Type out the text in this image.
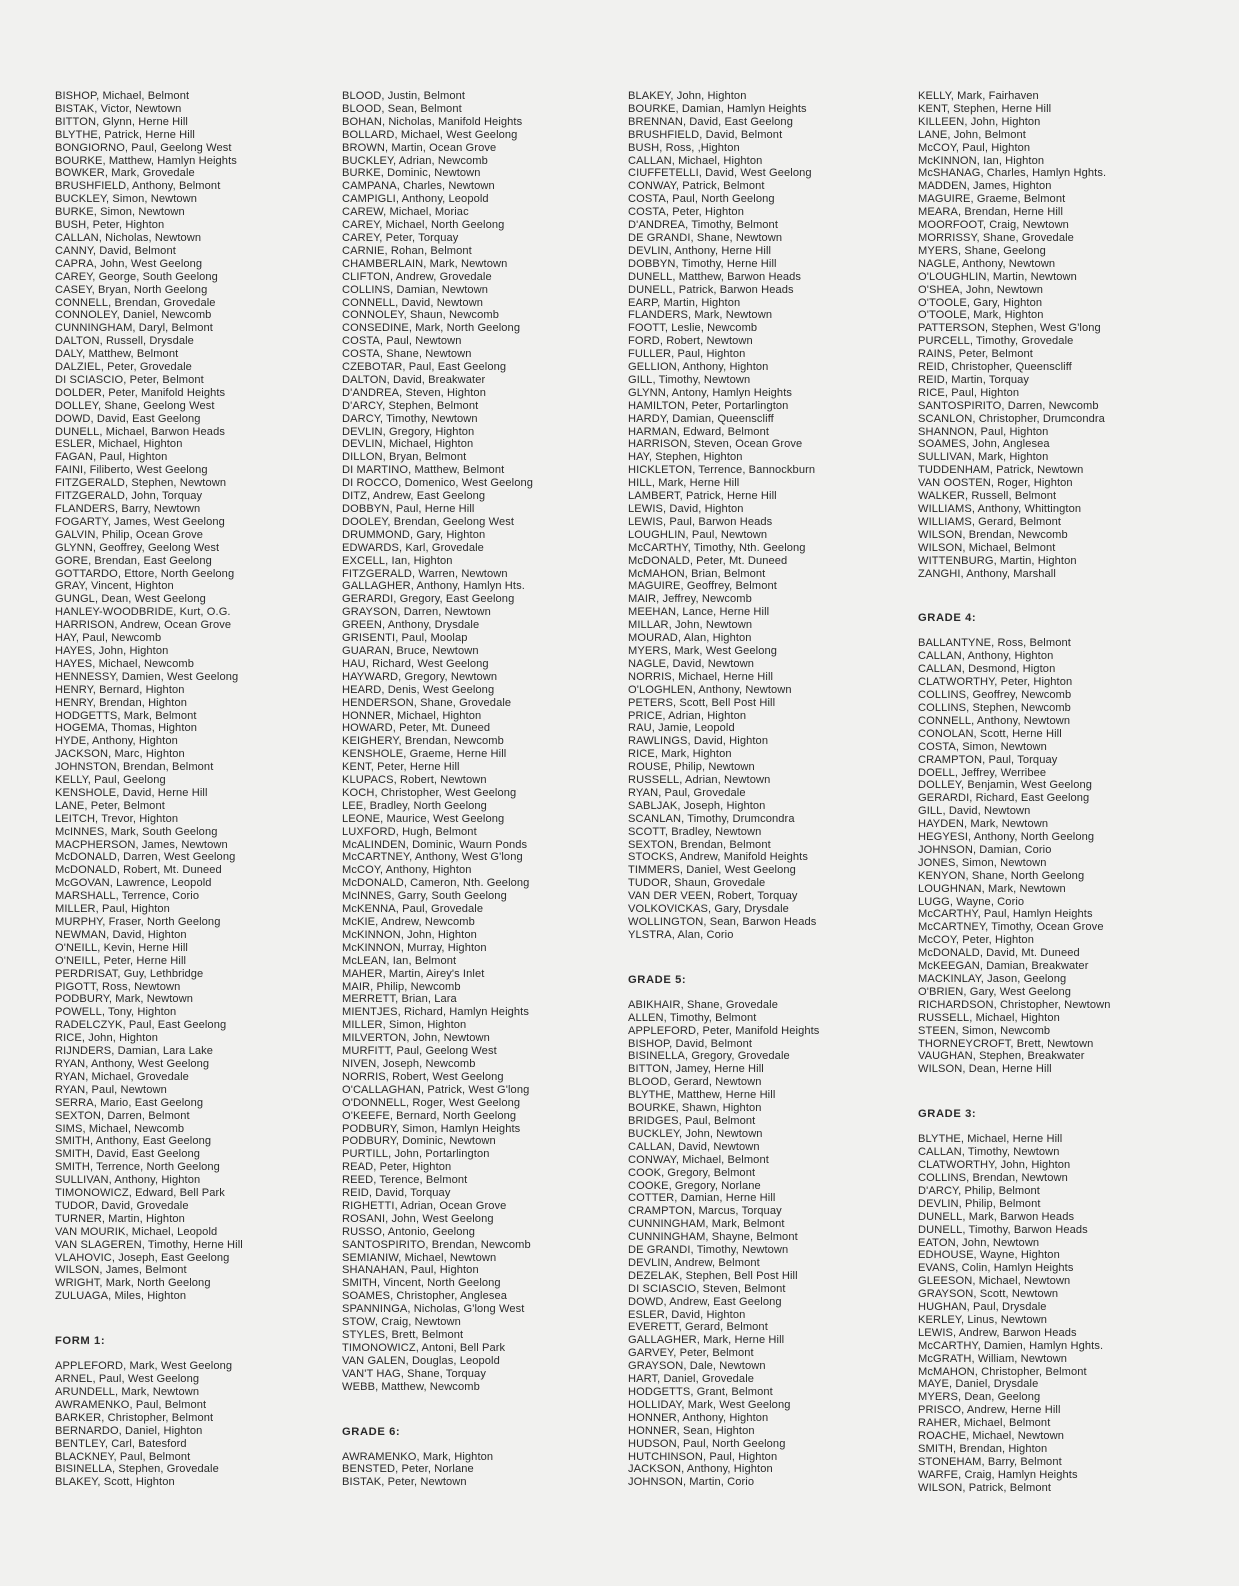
BISHOP, Michael, Belmont
BISTAK, Victor, Newtown
BITTON, Glynn, Herne Hill
BLYTHE, Patrick, Herne Hill
BONGIORNO, Paul, Geelong West
BOURKE, Matthew, Hamlyn Heights
BOWKER, Mark, Grovedale
BRUSHFIELD, Anthony, Belmont
BUCKLEY, Simon, Newtown
BURKE, Simon, Newtown
BUSH, Peter, Highton
CALLAN, Nicholas, Newtown
CANNY, David, Belmont
CAPRA, John, West Geelong
CAREY, George, South Geelong
CASEY, Bryan, North Geelong
CONNELL, Brendan, Grovedale
CONNOLEY, Daniel, Newcomb
CUNNINGHAM, Daryl, Belmont
DALTON, Russell, Drysdale
DALY, Matthew, Belmont
DALZIEL, Peter, Grovedale
DI SCIASCIO, Peter, Belmont
DOLDER, Peter, Manifold Heights
DOLLEY, Shane, Geelong West
DOWD, David, East Geelong
DUNELL, Michael, Barwon Heads
ESLER, Michael, Highton
FAGAN, Paul, Highton
FAINI, Filiberto, West Geelong
FITZGERALD, Stephen, Newtown
FITZGERALD, John, Torquay
FLANDERS, Barry, Newtown
FOGARTY, James, West Geelong
GALVIN, Philip, Ocean Grove
GLYNN, Geoffrey, Geelong West
GORE, Brendan, East Geelong
GOTTARDO, Ettore, North Geelong
GRAY, Vincent, Highton
GUNGL, Dean, West Geelong
HANLEY-WOODBRIDE, Kurt, O.G.
HARRISON, Andrew, Ocean Grove
HAY, Paul, Newcomb
HAYES, John, Highton
HAYES, Michael, Newcomb
HENNESSY, Damien, West Geelong
HENRY, Bernard, Highton
HENRY, Brendan, Highton
HODGETTS, Mark, Belmont
HOGEMA, Thomas, Highton
HYDE, Anthony, Highton
JACKSON, Marc, Highton
JOHNSTON, Brendan, Belmont
KELLY, Paul, Geelong
KENSHOLE, David, Herne Hill
LANE, Peter, Belmont
LEITCH, Trevor, Highton
McINNES, Mark, South Geelong
MACPHERSON, James, Newtown
McDONALD, Darren, West Geelong
McDONALD, Robert, Mt. Duneed
McGOVAN, Lawrence, Leopold
MARSHALL, Terrence, Corio
MILLER, Paul, Highton
MURPHY, Fraser, North Geelong
NEWMAN, David, Highton
O'NEILL, Kevin, Herne Hill
O'NEILL, Peter, Herne Hill
PERDRISAT, Guy, Lethbridge
PIGOTT, Ross, Newtown
PODBURY, Mark, Newtown
POWELL, Tony, Highton
RADELCZYK, Paul, East Geelong
RICE, John, Highton
RIJNDERS, Damian, Lara Lake
RYAN, Anthony, West Geelong
RYAN, Michael, Grovedale
RYAN, Paul, Newtown
SERRA, Mario, East Geelong
SEXTON, Darren, Belmont
SIMS, Michael, Newcomb
SMITH, Anthony, East Geelong
SMITH, David, East Geelong
SMITH, Terrence, North Geelong
SULLIVAN, Anthony, Highton
TIMONOWICZ, Edward, Bell Park
TUDOR, David, Grovedale
TURNER, Martin, Highton
VAN MOURIK, Michael, Leopold
VAN SLAGEREN, Timothy, Herne Hill
VLAHOVIC, Joseph, East Geelong
WILSON, James, Belmont
WRIGHT, Mark, North Geelong
ZULUAGA, Miles, Highton
FORM 1:
APPLEFORD, Mark, West Geelong
ARNEL, Paul, West Geelong
ARUNDELL, Mark, Newtown
AWRAMENKO, Paul, Belmont
BARKER, Christopher, Belmont
BERNARDO, Daniel, Highton
BENTLEY, Carl, Batesford
BLACKNEY, Paul, Belmont
BISINELLA, Stephen, Grovedale
BLAKEY, Scott, Highton
BLOOD, Justin, Belmont
BLOOD, Sean, Belmont
BOHAN, Nicholas, Manifold Heights
BOLLARD, Michael, West Geelong
BROWN, Martin, Ocean Grove
BUCKLEY, Adrian, Newcomb
BURKE, Dominic, Newtown
CAMPANA, Charles, Newtown
CAMPIGLI, Anthony, Leopold
CAREW, Michael, Moriac
CAREY, Michael, North Geelong
CAREY, Peter, Torquay
CARNIE, Rohan, Belmont
CHAMBERLAIN, Mark, Newtown
CLIFTON, Andrew, Grovedale
COLLINS, Damian, Newtown
CONNELL, David, Newtown
CONNOLEY, Shaun, Newcomb
CONSEDINE, Mark, North Geelong
COSTA, Paul, Newtown
COSTA, Shane, Newtown
CZEBOTAR, Paul, East Geelong
DALTON, David, Breakwater
D'ANDREA, Steven, Highton
D'ARCY, Stephen, Belmont
DARCY, Timothy, Newtown
DEVLIN, Gregory, Highton
DEVLIN, Michael, Highton
DILLON, Bryan, Belmont
DI MARTINO, Matthew, Belmont
DI ROCCO, Domenico, West Geelong
DITZ, Andrew, East Geelong
DOBBYN, Paul, Herne Hill
DOOLEY, Brendan, Geelong West
DRUMMOND, Gary, Highton
EDWARDS, Karl, Grovedale
EXCELL, Ian, Highton
FITZGERALD, Warren, Newtown
GALLAGHER, Anthony, Hamlyn Hts.
GERARDI, Gregory, East Geelong
GRAYSON, Darren, Newtown
GREEN, Anthony, Drysdale
GRISENTI, Paul, Moolap
GUARAN, Bruce, Newtown
HAU, Richard, West Geelong
HAYWARD, Gregory, Newtown
HEARD, Denis, West Geelong
HENDERSON, Shane, Grovedale
HONNER, Michael, Highton
HOWARD, Peter, Mt. Duneed
KEIGHERY, Brendan, Newcomb
KENSHOLE, Graeme, Herne Hill
KENT, Peter, Herne Hill
KLUPACS, Robert, Newtown
KOCH, Christopher, West Geelong
LEE, Bradley, North Geelong
LEONE, Maurice, West Geelong
LUXFORD, Hugh, Belmont
McALINDEN, Dominic, Waurn Ponds
McCARTNEY, Anthony, West G'long
McCOY, Anthony, Highton
McDONALD, Cameron, Nth. Geelong
McINNES, Garry, South Geelong
McKENNA, Paul, Grovedale
McKIE, Andrew, Newcomb
McKINNON, John, Highton
McKINNON, Murray, Highton
McLEAN, Ian, Belmont
MAHER, Martin, Airey's Inlet
MAIR, Philip, Newcomb
MERRETT, Brian, Lara
MIENTJES, Richard, Hamlyn Heights
MILLER, Simon, Highton
MILVERTON, John, Newtown
MURFITT, Paul, Geelong West
NIVEN, Joseph, Newcomb
NORRIS, Robert, West Geelong
O'CALLAGHAN, Patrick, West G'long
O'DONNELL, Roger, West Geelong
O'KEEFE, Bernard, North Geelong
PODBURY, Simon, Hamlyn Heights
PODBURY, Dominic, Newtown
PURTILL, John, Portarlington
READ, Peter, Highton
REED, Terence, Belmont
REID, David, Torquay
RIGHETTI, Adrian, Ocean Grove
ROSANI, John, West Geelong
RUSSO, Antonio, Geelong
SANTOSPIRITO, Brendan, Newcomb
SEMIANIW, Michael, Newtown
SHANAHAN, Paul, Highton
SMITH, Vincent, North Geelong
SOAMES, Christopher, Anglesea
SPANNINGA, Nicholas, G'long West
STOW, Craig, Newtown
STYLES, Brett, Belmont
TIMONOWICZ, Antoni, Bell Park
VAN GALEN, Douglas, Leopold
VAN'T HAG, Shane, Torquay
WEBB, Matthew, Newcomb
GRADE 6:
AWRAMENKO, Mark, Highton
BENSTED, Peter, Norlane
BISTAK, Peter, Newtown
BLAKEY, John, Highton
BOURKE, Damian, Hamlyn Heights
BRENNAN, David, East Geelong
BRUSHFIELD, David, Belmont
BUSH, Ross, ,Highton
CALLAN, Michael, Highton
CIUFFETELLI, David, West Geelong
CONWAY, Patrick, Belmont
COSTA, Paul, North Geelong
COSTA, Peter, Highton
D'ANDREA, Timothy, Belmont
DE GRANDI, Shane, Newtown
DEVLIN, Anthony, Herne Hill
DOBBYN, Timothy, Herne Hill
DUNELL, Matthew, Barwon Heads
DUNELL, Patrick, Barwon Heads
EARP, Martin, Highton
FLANDERS, Mark, Newtown
FOOTT, Leslie, Newcomb
FORD, Robert, Newtown
FULLER, Paul, Highton
GELLION, Anthony, Highton
GILL, Timothy, Newtown
GLYNN, Antony, Hamlyn Heights
HAMILTON, Peter, Portarlington
HARDY, Damian, Queenscliff
HARMAN, Edward, Belmont
HARRISON, Steven, Ocean Grove
HAY, Stephen, Highton
HICKLETON, Terrence, Bannockburn
HILL, Mark, Herne Hill
LAMBERT, Patrick, Herne Hill
LEWIS, David, Highton
LEWIS, Paul, Barwon Heads
LOUGHLIN, Paul, Newtown
McCARTHY, Timothy, Nth. Geelong
McDONALD, Peter, Mt. Duneed
McMAHON, Brian, Belmont
MAGUIRE, Geoffrey, Belmont
MAIR, Jeffrey, Newcomb
MEEHAN, Lance, Herne Hill
MILLAR, John, Newtown
MOURAD, Alan, Highton
MYERS, Mark, West Geelong
NAGLE, David, Newtown
NORRIS, Michael, Herne Hill
O'LOGHLEN, Anthony, Newtown
PETERS, Scott, Bell Post Hill
PRICE, Adrian, Highton
RAU, Jamie, Leopold
RAWLINGS, David, Highton
RICE, Mark, Highton
ROUSE, Philip, Newtown
RUSSELL, Adrian, Newtown
RYAN, Paul, Grovedale
SABLJAK, Joseph, Highton
SCANLAN, Timothy, Drumcondra
SCOTT, Bradley, Newtown
SEXTON, Brendan, Belmont
STOCKS, Andrew, Manifold Heights
TIMMERS, Daniel, West Geelong
TUDOR, Shaun, Grovedale
VAN DER VEEN, Robert, Torquay
VOLKOVICKAS, Gary, Drysdale
WOLLINGTON, Sean, Barwon Heads
YLSTRA, Alan, Corio
GRADE 5:
ABIKHAIR, Shane, Grovedale
ALLEN, Timothy, Belmont
APPLEFORD, Peter, Manifold Heights
BISHOP, David, Belmont
BISINELLA, Gregory, Grovedale
BITTON, Jamey, Herne Hill
BLOOD, Gerard, Newtown
BLYTHE, Matthew, Herne Hill
BOURKE, Shawn, Highton
BRIDGES, Paul, Belmont
BUCKLEY, John, Newtown
CALLAN, David, Newtown
CONWAY, Michael, Belmont
COOK, Gregory, Belmont
COOKE, Gregory, Norlane
COTTER, Damian, Herne Hill
CRAMPTON, Marcus, Torquay
CUNNINGHAM, Mark, Belmont
CUNNINGHAM, Shayne, Belmont
DE GRANDI, Timothy, Newtown
DEVLIN, Andrew, Belmont
DEZELAK, Stephen, Bell Post Hill
DI SCIASCIO, Steven, Belmont
DOWD, Andrew, East Geelong
ESLER, David, Highton
EVERETT, Gerard, Belmont
GALLAGHER, Mark, Herne Hill
GARVEY, Peter, Belmont
GRAYSON, Dale, Newtown
HART, Daniel, Grovedale
HODGETTS, Grant, Belmont
HOLLIDAY, Mark, West Geelong
HONNER, Anthony, Highton
HONNER, Sean, Highton
HUDSON, Paul, North Geelong
HUTCHINSON, Paul, Highton
JACKSON, Anthony, Highton
JOHNSON, Martin, Corio
KELLY, Mark, Fairhaven
KENT, Stephen, Herne Hill
KILLEEN, John, Highton
LANE, John, Belmont
McCOY, Paul, Highton
McKINNON, Ian, Highton
McSHANAG, Charles, Hamlyn Hghts.
MADDEN, James, Highton
MAGUIRE, Graeme, Belmont
MEARA, Brendan, Herne Hill
MOORFOOT, Craig, Newtown
MORRISSY, Shane, Grovedale
MYERS, Shane, Geelong
NAGLE, Anthony, Newtown
O'LOUGHLIN, Martin, Newtown
O'SHEA, John, Newtown
O'TOOLE, Gary, Highton
O'TOOLE, Mark, Highton
PATTERSON, Stephen, West G'long
PURCELL, Timothy, Grovedale
RAINS, Peter, Belmont
REID, Christopher, Queenscliff
REID, Martin, Torquay
RICE, Paul, Highton
SANTOSPIRITO, Darren, Newcomb
SCANLON, Christopher, Drumcondra
SHANNON, Paul, Highton
SOAMES, John, Anglesea
SULLIVAN, Mark, Highton
TUDDENHAM, Patrick, Newtown
VAN OOSTEN, Roger, Highton
WALKER, Russell, Belmont
WILLIAMS, Anthony, Whittington
WILLIAMS, Gerard, Belmont
WILSON, Brendan, Newcomb
WILSON, Michael, Belmont
WITTENBURG, Martin, Highton
ZANGHI, Anthony, Marshall
GRADE 4:
BALLANTYNE, Ross, Belmont
CALLAN, Anthony, Highton
CALLAN, Desmond, Higton
CLATWORTHY, Peter, Highton
COLLINS, Geoffrey, Newcomb
COLLINS, Stephen, Newcomb
CONNELL, Anthony, Newtown
CONOLAN, Scott, Herne Hill
COSTA, Simon, Newtown
CRAMPTON, Paul, Torquay
DOELL, Jeffrey, Werribee
DOLLEY, Benjamin, West Geelong
GERARDI, Richard, East Geelong
GILL, David, Newtown
HAYDEN, Mark, Newtown
HEGYESI, Anthony, North Geelong
JOHNSON, Damian, Corio
JONES, Simon, Newtown
KENYON, Shane, North Geelong
LOUGHNAN, Mark, Newtown
LUGG, Wayne, Corio
McCARTHY, Paul, Hamlyn Heights
McCARTNEY, Timothy, Ocean Grove
McCOY, Peter, Highton
McDONALD, David, Mt. Duneed
McKEEGAN, Damian, Breakwater
MACKINLAY, Jason, Geelong
O'BRIEN, Gary, West Geelong
RICHARDSON, Christopher, Newtown
RUSSELL, Michael, Highton
STEEN, Simon, Newcomb
THORNEYCROFT, Brett, Newtown
VAUGHAN, Stephen, Breakwater
WILSON, Dean, Herne Hill
GRADE 3:
BLYTHE, Michael, Herne Hill
CALLAN, Timothy, Newtown
CLATWORTHY, John, Highton
COLLINS, Brendan, Newtown
D'ARCY, Philip, Belmont
DEVLIN, Philip, Belmont
DUNELL, Mark, Barwon Heads
DUNELL, Timothy, Barwon Heads
EATON, John, Newtown
EDHOUSE, Wayne, Highton
EVANS, Colin, Hamlyn Heights
GLEESON, Michael, Newtown
GRAYSON, Scott, Newtown
HUGHAN, Paul, Drysdale
KERLEY, Linus, Newtown
LEWIS, Andrew, Barwon Heads
McCARTHY, Damien, Hamlyn Hghts.
McGRATH, William, Newtown
McMAHON, Christopher, Belmont
MAYE, Daniel, Drysdale
MYERS, Dean, Geelong
PRISCO, Andrew, Herne Hill
RAHER, Michael, Belmont
ROACHE, Michael, Newtown
SMITH, Brendan, Highton
STONEHAM, Barry, Belmont
WARFE, Craig, Hamlyn Heights
WILSON, Patrick, Belmont
